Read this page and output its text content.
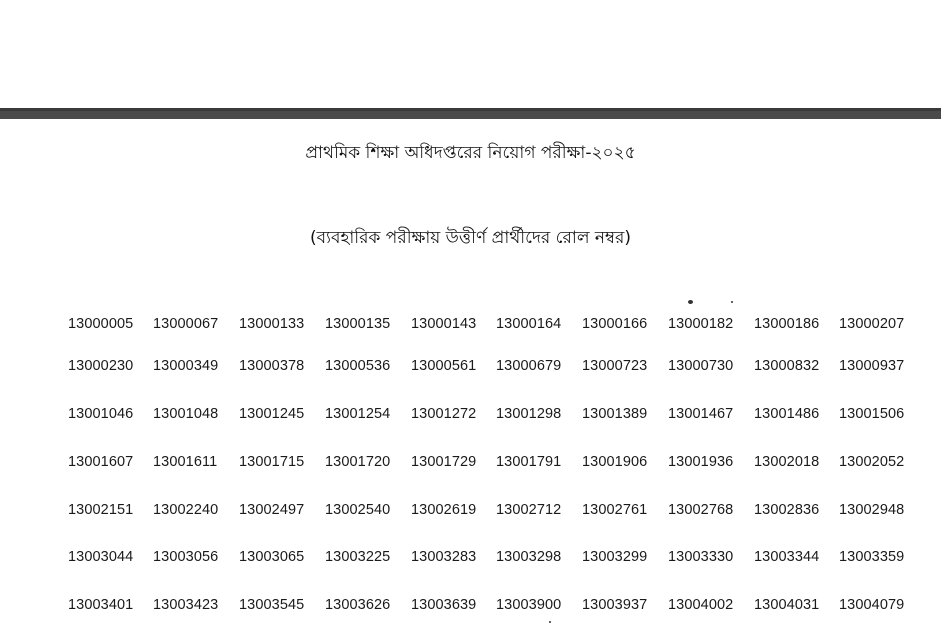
প্রাথমিক শিক্ষা অধিদপ্তরের নিয়োগ পরীক্ষা-২০২৫
(ব্যবহারিক পরীক্ষায় উত্তীর্ণ প্রার্থীদের রোল নম্বর)
13000005 13000067 13000133 13000135 13000143 13000164 13000166 13000182 13000186 13000207
13000230 13000349 13000378 13000536 13000561 13000679 13000723 13000730 13000832 13000937
13001046 13001048 13001245 13001254 13001272 13001298 13001389 13001467 13001486 13001506
13001607 13001611 13001715 13001720 13001729 13001791 13001906 13001936 13002018 13002052
13002151 13002240 13002497 13002540 13002619 13002712 13002761 13002768 13002836 13002948
13003044 13003056 13003065 13003225 13003283 13003298 13003299 13003330 13003344 13003359
13003401 13003423 13003545 13003626 13003639 13003900 13003937 13004002 13004031 13004079
